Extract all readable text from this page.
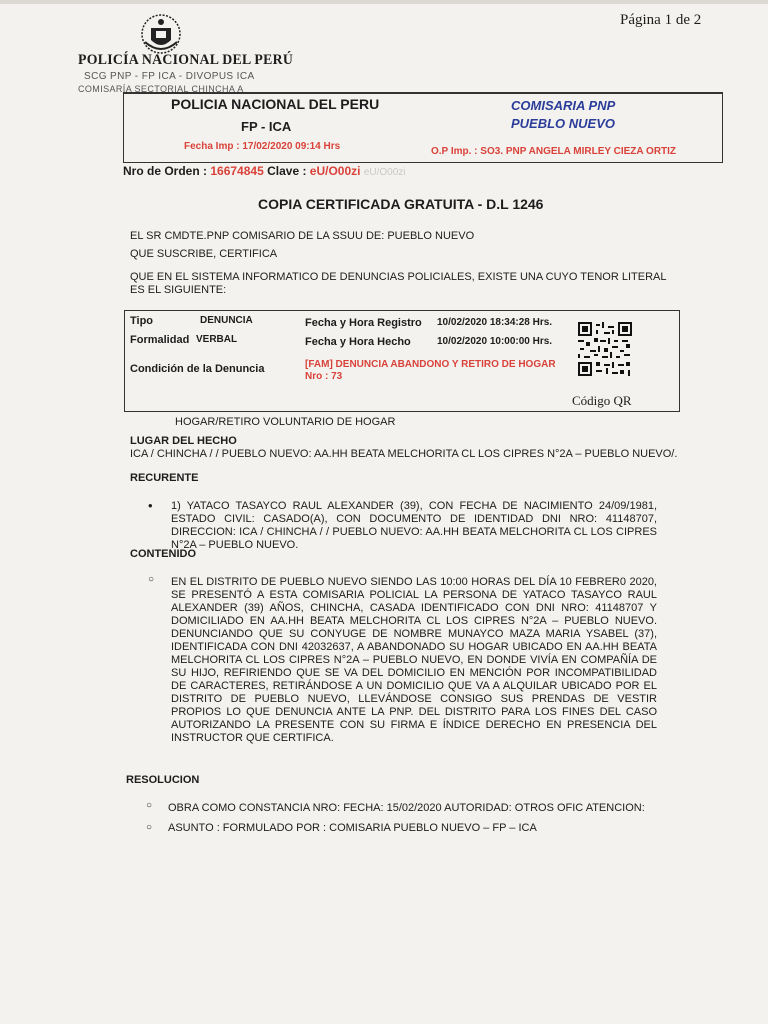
Página 1 de 2
POLICÍA NACIONAL DEL PERÚ
SCG PNP - FP ICA - DIVOPUS ICA
COMISARÍA SECTORIAL CHINCHA A
POLICIA NACIONAL DEL PERU
FP - ICA
Fecha Imp : 17/02/2020 09:14 Hrs
COMISARIA PNP
PUEBLO NUEVO
O.P Imp. : SO3. PNP ANGELA MIRLEY CIEZA ORTIZ
Nro de Orden : 16674845 Clave : eU/O00zi eU/O00zi
COPIA CERTIFICADA GRATUITA - D.L 1246
EL SR CMDTE.PNP COMISARIO DE LA SSUU DE: PUEBLO NUEVO
QUE SUSCRIBE, CERTIFICA
QUE EN EL SISTEMA INFORMATICO DE DENUNCIAS POLICIALES, EXISTE UNA CUYO TENOR LITERAL ES EL SIGUIENTE:
Tipo	DENUNCIA
Formalidad VERBAL
Condición de la Denuncia
Fecha y Hora Registro 10/02/2020 18:34:28 Hrs.
Fecha y Hora Hecho	10/02/2020 10:00:00 Hrs.
[FAM] DENUNCIA ABANDONO Y RETIRO DE HOGAR
Nro : 73
Código QR
HOGAR/RETIRO VOLUNTARIO DE HOGAR
LUGAR DEL HECHO
ICA / CHINCHA / / PUEBLO NUEVO: AA.HH BEATA MELCHORITA CL LOS CIPRES N°2A – PUEBLO NUEVO/.
RECURENTE
• 1) YATACO TASAYCO RAUL ALEXANDER (39), CON FECHA DE NACIMIENTO 24/09/1981, ESTADO CIVIL: CASADO(A), CON DOCUMENTO DE IDENTIDAD DNI NRO: 41148707, DIRECCION: ICA / CHINCHA / / PUEBLO NUEVO: AA.HH BEATA MELCHORITA CL LOS CIPRES N°2A – PUEBLO NUEVO.
CONTENIDO
○ EN EL DISTRITO DE PUEBLO NUEVO SIENDO LAS 10:00 HORAS DEL DÍA 10 FEBRER0 2020, SE PRESENTÓ A ESTA COMISARIA POLICIAL LA PERSONA DE YATACO TASAYCO RAUL ALEXANDER (39) AÑOS, CHINCHA, CASADA IDENTIFICADO CON DNI NRO: 41148707 Y DOMICILIADO EN AA.HH BEATA MELCHORITA CL LOS CIPRES N°2A – PUEBLO NUEVO. DENUNCIANDO QUE SU CONYUGE DE NOMBRE MUNAYCO MAZA MARIA YSABEL (37), IDENTIFICADA CON DNI 42032637, A ABANDONADO SU HOGAR UBICADO EN AA.HH BEATA MELCHORITA CL LOS CIPRES N°2A – PUEBLO NUEVO, EN DONDE VIVÍA EN COMPAÑÍA DE SU HIJO, REFIRIENDO QUE SE VA DEL DOMICILIO EN MENCIÓN POR INCOMPATIBILIDAD DE CARACTERES, RETIRÁNDOSE A UN DOMICILIO QUE VA A ALQUILAR UBICADO POR EL DISTRITO DE PUEBLO NUEVO, LLEVÁNDOSE CONSIGO SUS PRENDAS DE VESTIR PROPIOS LO QUE DENUNCIA ANTE LA PNP. DEL DISTRITO PARA LOS FINES DEL CASO AUTORIZANDO LA PRESENTE CON SU FIRMA E ÍNDICE DERECHO EN PRESENCIA DEL INSTRUCTOR QUE CERTIFICA.
RESOLUCION
○ OBRA COMO CONSTANCIA NRO: FECHA: 15/02/2020 AUTORIDAD: OTROS OFIC ATENCION:
○ ASUNTO : FORMULADO POR : COMISARIA PUEBLO NUEVO – FP – ICA
